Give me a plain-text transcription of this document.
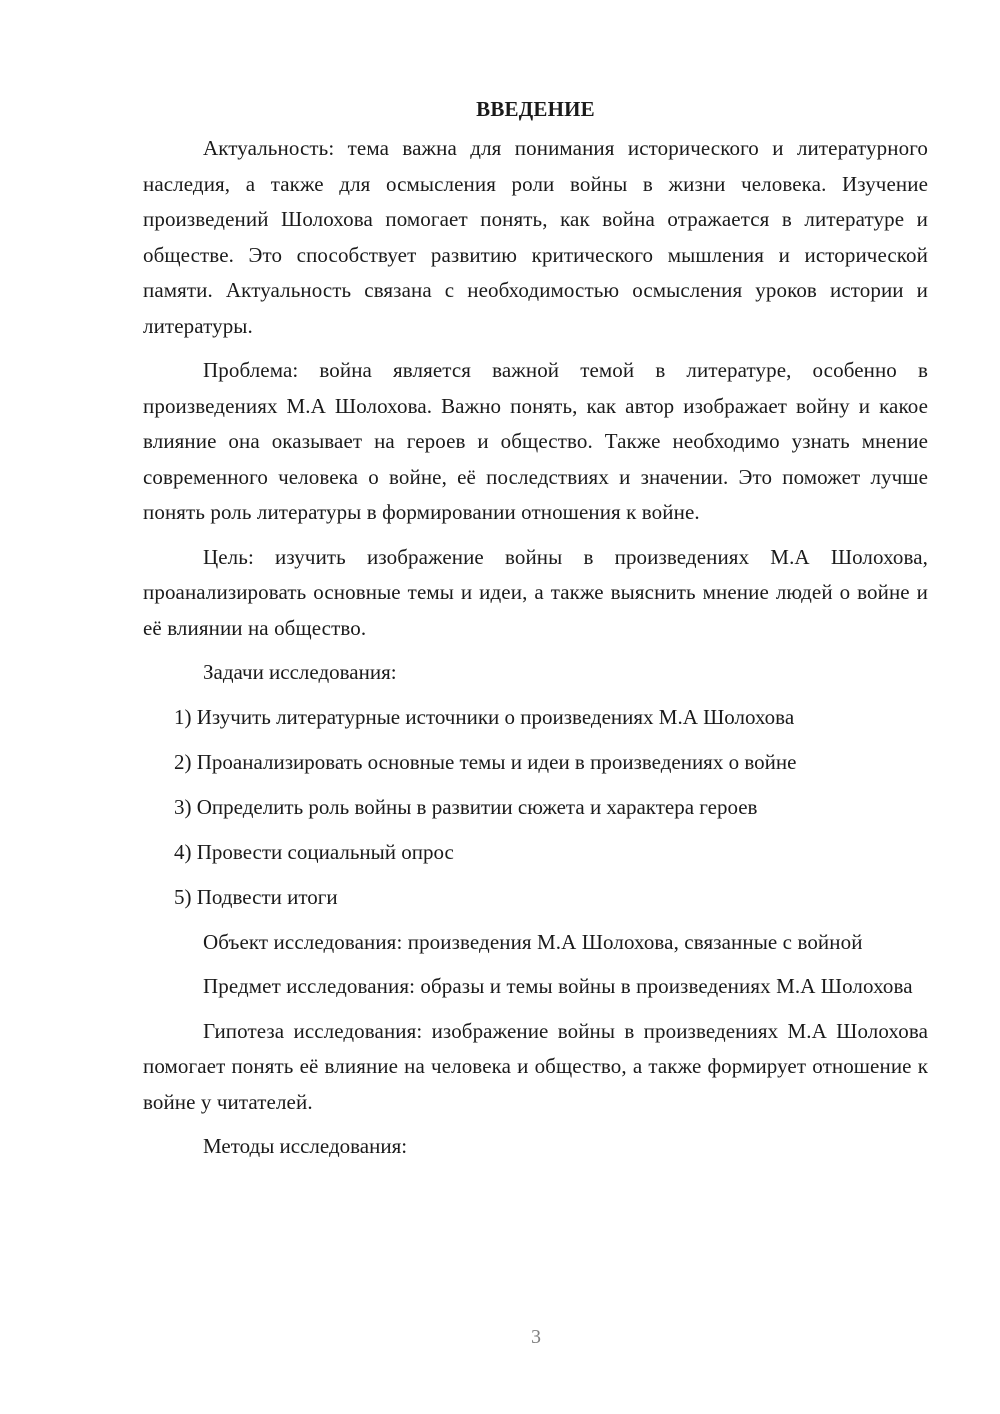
ВВЕДЕНИЕ

Актуальность: тема важна для понимания исторического и литературного наследия, а также для осмысления роли войны в жизни человека. Изучение произведений Шолохова помогает понять, как война отражается в литературе и обществе. Это способствует развитию критического мышления и исторической памяти. Актуальность связана с необходимостью осмысления уроков истории и литературы.

Проблема: война является важной темой в литературе, особенно в произведениях М.А Шолохова. Важно понять, как автор изображает войну и какое влияние она оказывает на героев и общество. Также необходимо узнать мнение современного человека о войне, её последствиях и значении. Это поможет лучше понять роль литературы в формировании отношения к войне.

Цель: изучить изображение войны в произведениях М.А Шолохова, проанализировать основные темы и идеи, а также выяснить мнение людей о войне и её влиянии на общество.

Задачи исследования:

1) Изучить литературные источники о произведениях М.А Шолохова
2) Проанализировать основные темы и идеи в произведениях о войне
3) Определить роль войны в развитии сюжета и характера героев
4) Провести социальный опрос
5) Подвести итоги

Объект исследования: произведения М.А Шолохова, связанные с войной

Предмет исследования: образы и темы войны в произведениях М.А Шолохова

Гипотеза исследования: изображение войны в произведениях М.А Шолохова помогает понять её влияние на человека и общество, а также формирует отношение к войне у читателей.

Методы исследования:

3
